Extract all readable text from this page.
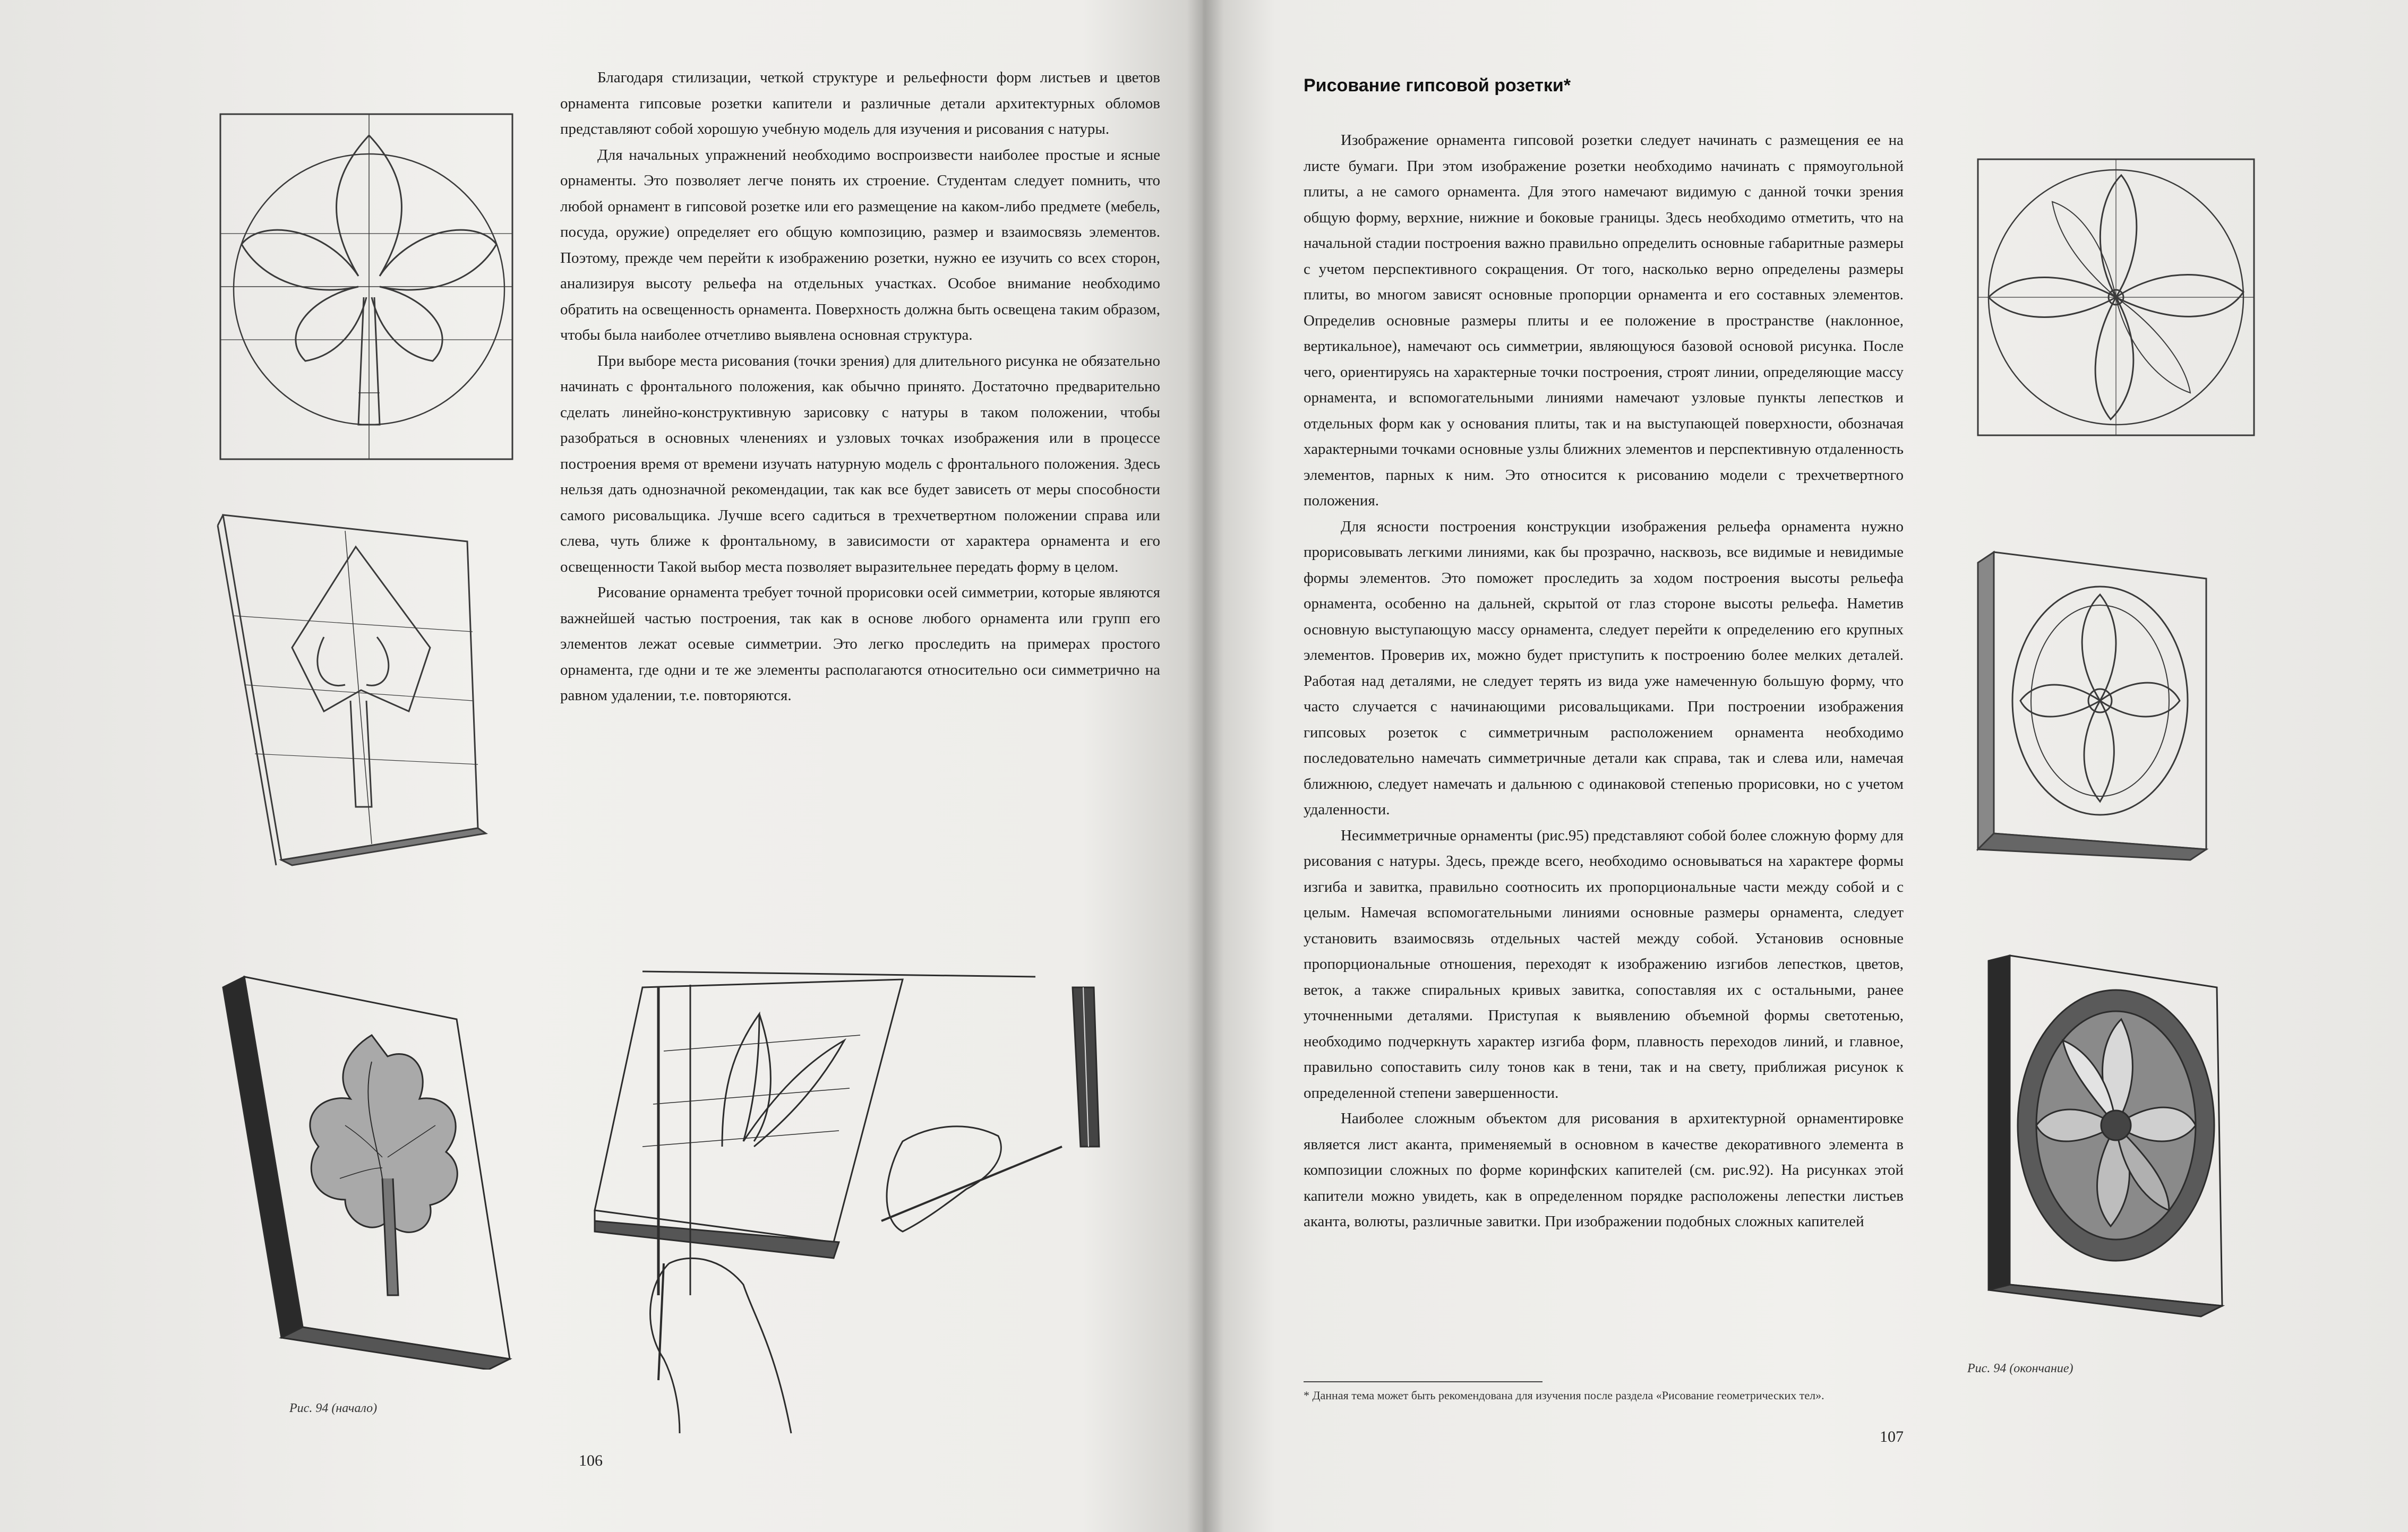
Благодаря стилизации, четкой структуре и рельефности форм листьев и цветов орнамента гипсовые розетки капители и различные детали архитектурных обломов представляют собой хорошую учебную модель для изучения и рисования с натуры.

Для начальных упражнений необходимо воспроизвести наиболее простые и ясные орнаменты. Это позволяет легче понять их строение. Студентам следует помнить, что любой орнамент в гипсовой розетке или его размещение на каком-либо предмете (мебель, посуда, оружие) определяет его общую композицию, размер и взаимосвязь элементов. Поэтому, прежде чем перейти к изображению розетки, нужно ее изучить со всех сторон, анализируя высоту рельефа на отдельных участках. Особое внимание необходимо обратить на освещенность орнамента. Поверхность должна быть освещена таким образом, чтобы была наиболее отчетливо выявлена основная структура.

При выборе места рисования (точки зрения) для длительного рисунка не обязательно начинать с фронтального положения, как обычно принято. Достаточно предварительно сделать линейно-конструктивную зарисовку с натуры в таком положении, чтобы разобраться в основных членениях и узловых точках изображения или в процессе построения время от времени изучать натурную модель с фронтального положения. Здесь нельзя дать однозначной рекомендации, так как все будет зависеть от меры способности самого рисовальщика. Лучше всего садиться в трехчетвертном положении справа или слева, чуть ближе к фронтальному, в зависимости от характера орнамента и его освещенности Такой выбор места позволяет выразительнее передать форму в целом.

Рисование орнамента требует точной прорисовки осей симметрии, которые являются важнейшей частью построения, так как в основе любого орнамента или групп его элементов лежат осевые симметрии. Это легко проследить на примерах простого орнамента, где одни и те же элементы располагаются относительно оси симметрично на равном удалении, т.е. повторяются.

Рис. 94 (начало)
106
Рис. 94 (окончание)
107
Рисование гипсовой розетки*

Изображение орнамента гипсовой розетки следует начинать с размещения ее на листе бумаги. При этом изображение розетки необходимо начинать с прямоугольной плиты, а не самого орнамента. Для этого намечают видимую с данной точки зрения общую форму, верхние, нижние и боковые границы. Здесь необходимо отметить, что на начальной стадии построения важно правильно определить основные габаритные размеры с учетом перспективного сокращения. От того, насколько верно определены размеры плиты, во многом зависят основные пропорции орнамента и его составных элементов. Определив основные размеры плиты и ее положение в пространстве (наклонное, вертикальное), намечают ось симметрии, являющуюся базовой основой рисунка. После чего, ориентируясь на характерные точки построения, строят линии, определяющие массу орнамента, и вспомогательными линиями намечают узловые пункты лепестков и отдельных форм как у основания плиты, так и на выступающей поверхности, обозначая характерными точками основные узлы ближних элементов и перспективную отдаленность элементов, парных к ним. Это относится к рисованию модели с трехчетвертного положения.

Для ясности построения конструкции изображения рельефа орнамента нужно прорисовывать легкими линиями, как бы прозрачно, насквозь, все видимые и невидимые формы элементов. Это поможет проследить за ходом построения высоты рельефа орнамента, особенно на дальней, скрытой от глаз стороне высоты рельефа. Наметив основную выступающую массу орнамента, следует перейти к определению его крупных элементов. Проверив их, можно будет приступить к построению более мелких деталей. Работая над деталями, не следует терять из вида уже намеченную большую форму, что часто случается с начинающими рисовальщиками. При построении изображения гипсовых розеток с симметричным расположением орнамента необходимо последовательно намечать симметричные детали как справа, так и слева или, намечая ближнюю, следует намечать и дальнюю с одинаковой степенью прорисовки, но с учетом удаленности.

Несимметричные орнаменты (рис.95) представляют собой более сложную форму для рисования с натуры. Здесь, прежде всего, необходимо основываться на характере формы изгиба и завитка, правильно соотносить их пропорциональные части между собой и с целым. Намечая вспомогательными линиями основные размеры орнамента, следует установить взаимосвязь отдельных частей между собой. Установив основные пропорциональные отношения, переходят к изображению изгибов лепестков, цветов, веток, а также спиральных кривых завитка, сопоставляя их с остальными, ранее уточненными деталями. Приступая к выявлению объемной формы светотенью, необходимо подчеркнуть характер изгиба форм, плавность переходов линий, и главное, правильно сопоставить силу тонов как в тени, так и на свету, приближая рисунок к определенной степени завершенности.

Наиболее сложным объектом для рисования в архитектурной орнаментировке является лист аканта, применяемый в основном в качестве декоративного элемента в композиции сложных по форме коринфских капителей (см. рис.92). На рисунках этой капители можно увидеть, как в определенном порядке расположены лепестки листьев аканта, волюты, различные завитки. При изображении подобных сложных капителей

* Данная тема может быть рекомендована для изучения после раздела «Рисование геометрических тел».
